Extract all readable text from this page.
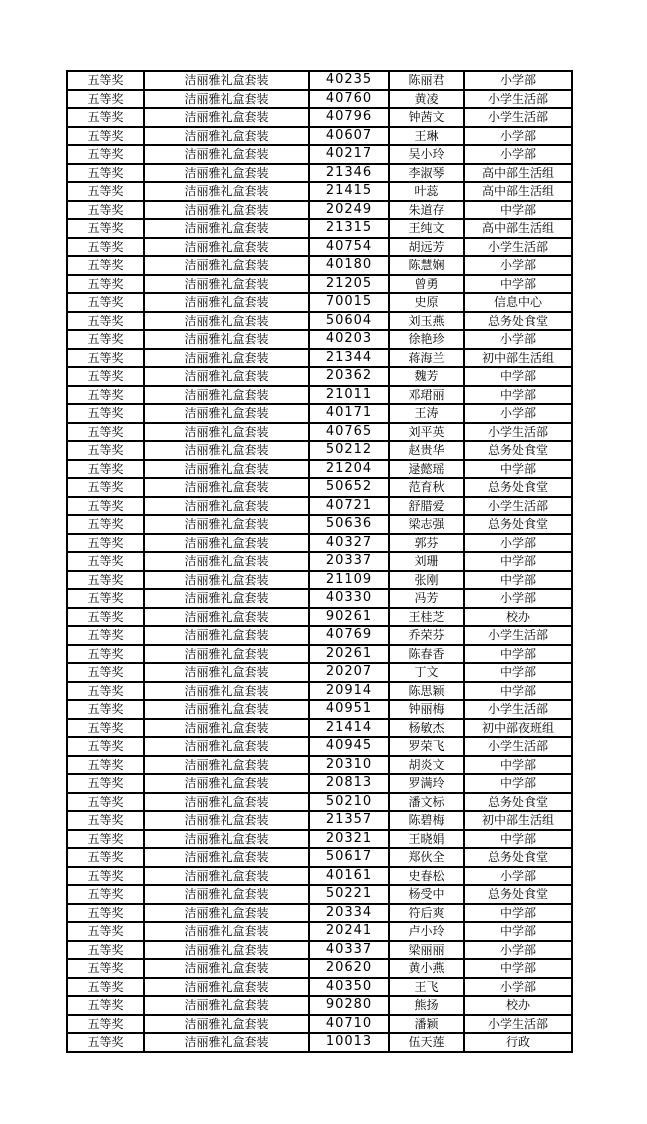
五等奖	洁丽雅礼盒套装	40235	陈丽君	小学部
五等奖	洁丽雅礼盒套装	40760	黄凌	小学生活部
五等奖	洁丽雅礼盒套装	40796	钟茜文	小学生活部
五等奖	洁丽雅礼盒套装	40607	王琳	小学部
五等奖	洁丽雅礼盒套装	40217	吴小玲	小学部
五等奖	洁丽雅礼盒套装	21346	李淑琴	高中部生活组
五等奖	洁丽雅礼盒套装	21415	叶蕊	高中部生活组
五等奖	洁丽雅礼盒套装	20249	朱道存	中学部
五等奖	洁丽雅礼盒套装	21315	王纯文	高中部生活组
五等奖	洁丽雅礼盒套装	40754	胡远芳	小学生活部
五等奖	洁丽雅礼盒套装	40180	陈慧娴	小学部
五等奖	洁丽雅礼盒套装	21205	曾勇	中学部
五等奖	洁丽雅礼盒套装	70015	史原	信息中心
五等奖	洁丽雅礼盒套装	50604	刘玉燕	总务处食堂
五等奖	洁丽雅礼盒套装	40203	徐艳珍	小学部
五等奖	洁丽雅礼盒套装	21344	蒋海兰	初中部生活组
五等奖	洁丽雅礼盒套装	20362	魏芳	中学部
五等奖	洁丽雅礼盒套装	21011	邓珺丽	中学部
五等奖	洁丽雅礼盒套装	40171	王涛	小学部
五等奖	洁丽雅礼盒套装	40765	刘平英	小学生活部
五等奖	洁丽雅礼盒套装	50212	赵贵华	总务处食堂
五等奖	洁丽雅礼盒套装	21204	逯懿瑶	中学部
五等奖	洁丽雅礼盒套装	50652	范育秋	总务处食堂
五等奖	洁丽雅礼盒套装	40721	舒腊爱	小学生活部
五等奖	洁丽雅礼盒套装	50636	梁志强	总务处食堂
五等奖	洁丽雅礼盒套装	40327	郭芬	小学部
五等奖	洁丽雅礼盒套装	20337	刘珊	中学部
五等奖	洁丽雅礼盒套装	21109	张刚	中学部
五等奖	洁丽雅礼盒套装	40330	冯芳	小学部
五等奖	洁丽雅礼盒套装	90261	王桂芝	校办
五等奖	洁丽雅礼盒套装	40769	乔荣芬	小学生活部
五等奖	洁丽雅礼盒套装	20261	陈春香	中学部
五等奖	洁丽雅礼盒套装	20207	丁文	中学部
五等奖	洁丽雅礼盒套装	20914	陈思颖	中学部
五等奖	洁丽雅礼盒套装	40951	钟丽梅	小学生活部
五等奖	洁丽雅礼盒套装	21414	杨敏杰	初中部夜班组
五等奖	洁丽雅礼盒套装	40945	罗荣飞	小学生活部
五等奖	洁丽雅礼盒套装	20310	胡炎文	中学部
五等奖	洁丽雅礼盒套装	20813	罗满玲	中学部
五等奖	洁丽雅礼盒套装	50210	潘文标	总务处食堂
五等奖	洁丽雅礼盒套装	21357	陈碧梅	初中部生活组
五等奖	洁丽雅礼盒套装	20321	王晓娟	中学部
五等奖	洁丽雅礼盒套装	50617	郑伙全	总务处食堂
五等奖	洁丽雅礼盒套装	40161	史春松	小学部
五等奖	洁丽雅礼盒套装	50221	杨受中	总务处食堂
五等奖	洁丽雅礼盒套装	20334	符后爽	中学部
五等奖	洁丽雅礼盒套装	20241	卢小玲	中学部
五等奖	洁丽雅礼盒套装	40337	梁丽丽	小学部
五等奖	洁丽雅礼盒套装	20620	黄小燕	中学部
五等奖	洁丽雅礼盒套装	40350	王飞	小学部
五等奖	洁丽雅礼盒套装	90280	熊扬	校办
五等奖	洁丽雅礼盒套装	40710	潘颖	小学生活部
五等奖	洁丽雅礼盒套装	10013	伍天莲	行政
